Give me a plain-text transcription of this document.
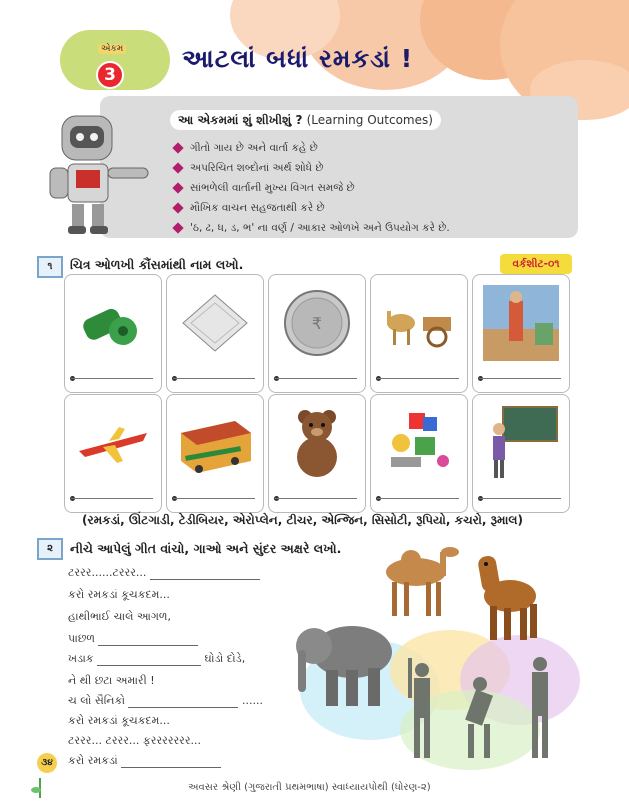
એકમ
3
આટલાં બધાં રમકડાં !
આ એકમમાં શું શીખીશું ? (Learning Outcomes)
ગીતો ગાય છે અને વાર્તા કહે છે
અપરિચિત શબ્દોનાં અર્થ શોધે છે
સાંભળેલી વાર્તાની મુખ્ય વિગત સમજે છે
મૌખિક વાચન સહજતાથી કરે છે
'ઠ, ઢ, ધ, ડ, ભ' ના વર્ણ / આકાર ઓળખે અને ઉપયોગ કરે છે.
૧	ચિત્ર ઓળખી કૌંસમાંથી નામ લખો.	વર્કશીટ-૦૧
₹
(રમકડાં, ઊંટગાડી, ટેડીબિયર, એરોપ્લેન, ટીચર, એન્જિન, સિસોટી, રૂપિયો, કચરો, રૂમાલ)
૨	નીચે આપેલું ગીત વાંચો, ગાઓ અને સુંદર અક્ષરે લખો.
ટરરર......ટરરર...
કરો રમકડાં કૂચકદમ...
હાથીભાઈ ચાલે આગળ,
પાછળ
ખડાક	ઘોડો દોડે,
ને થી છટા અમારી !
ચ લો સૈનિકો	......
કરો રમકડાં કૂચકદમ...
ટરરર... ટરરર... ફરરરરરરર...
કરો રમકડાં
૩૪
અવસર શ્રેણી (ગુજરાતી પ્રથમભાષા) સ્વાધ્યાયપોથી (ધોરણ-૨)
